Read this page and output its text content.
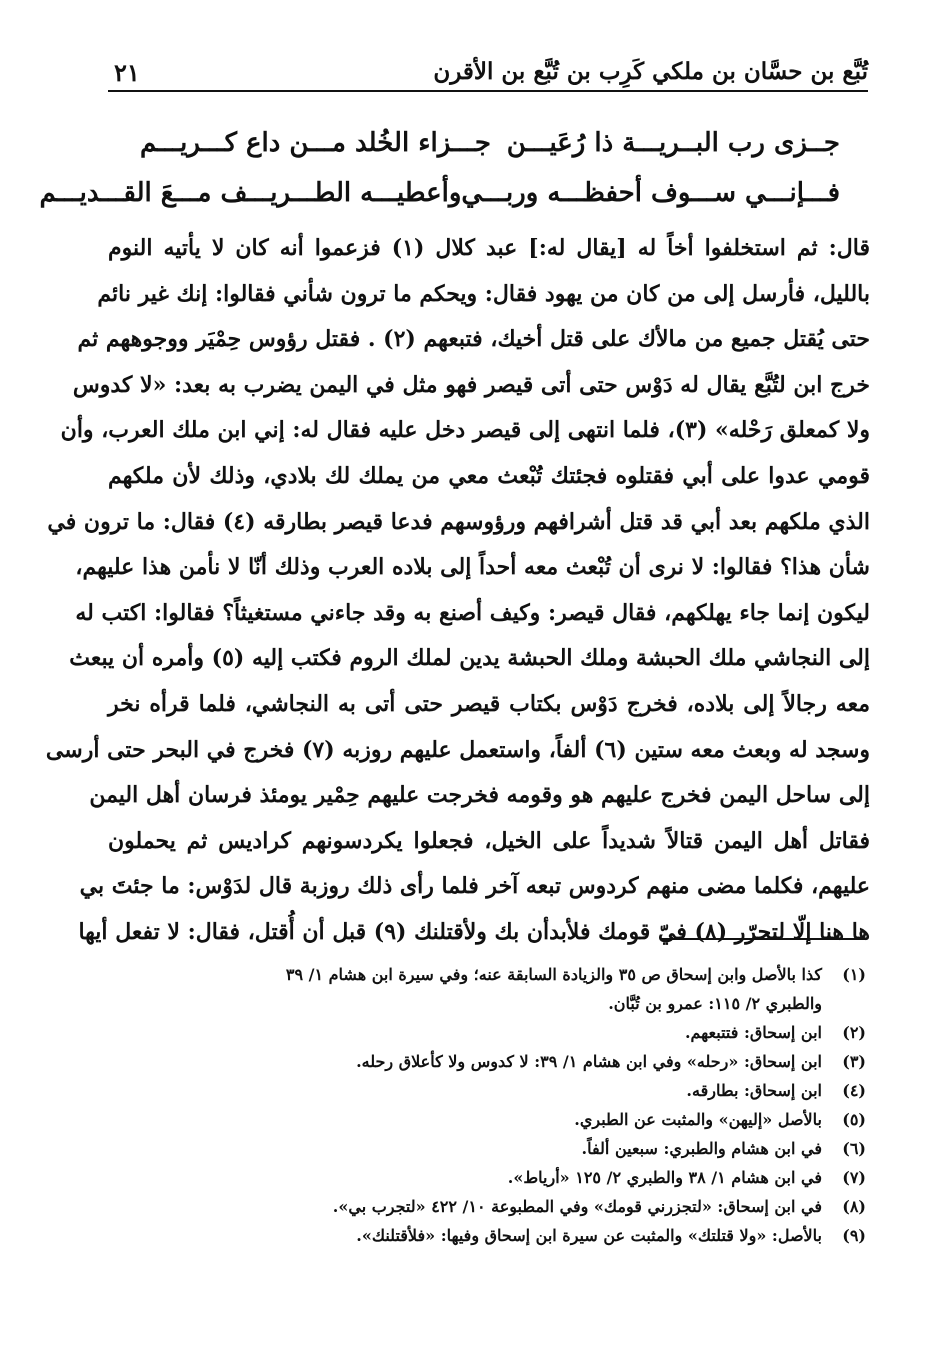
تُبَّع بن حسَّان بن ملكي كَرِب بن تُبَّع بن الأقرن
٢١
جــزى رب البــريـــة ذا رُعَيـــن
جـــزاء الخُلد مـــن داع كـــريـــم
فـــإنـــي ســـوف أحفظـــه وربـــي
وأعطيـــه الطـــريـــف مـــعَ القـــديـــم
قال: ثم استخلفوا أخاً له [يقال له:] عبد كلال (١) فزعموا أنه كان لا يأتيه النوم
بالليل، فأرسل إلى من كان من يهود فقال: ويحكم ما ترون شأني فقالوا: إنك غير نائم
حتى يُقتل جميع من مالأك على قتل أخيك، فتبعهم (٢) . فقتل رؤوس حِمْيَر ووجوههم ثم
خرج ابن لتُبَّع يقال له دَوْس حتى أتى قيصر فهو مثل في اليمن يضرب به بعد: «لا كدوس
ولا كمعلق رَحْله» (٣)، فلما انتهى إلى قيصر دخل عليه فقال له: إني ابن ملك العرب، وأن
قومي عدوا على أبي فقتلوه فجئتك تُبْعث معي من يملك لك بلادي، وذلك لأن ملكهم
الذي ملكهم بعد أبي قد قتل أشرافهم ورؤوسهم فدعا قيصر بطارقه (٤) فقال: ما ترون في
شأن هذا؟ فقالوا: لا نرى أن تُبْعث معه أحداً إلى بلاده العرب وذلك أنّا لا نأمن هذا عليهم،
ليكون إنما جاء يهلكهم، فقال قيصر: وكيف أصنع به وقد جاءني مستغيثاً؟ فقالوا: اكتب له
إلى النجاشي ملك الحبشة وملك الحبشة يدين لملك الروم فكتب إليه (٥) وأمره أن يبعث
معه رجالاً إلى بلاده، فخرج دَوْس بكتاب قيصر حتى أتى به النجاشي، فلما قرأه نخر
وسجد له وبعث معه ستين (٦) ألفاً، واستعمل عليهم روزبه (٧) فخرج في البحر حتى أرسى
إلى ساحل اليمن فخرج عليهم هو وقومه فخرجت عليهم حِمْير يومئذ فرسان أهل اليمن
فقاتل أهل اليمن قتالاً شديداً على الخيل، فجعلوا يكردسونهم كراديس ثم يحملون
عليهم، فكلما مضى منهم كردوس تبعه آخر فلما رأى ذلك روزبة قال لدَوْس: ما جئتَ بي
ها هنا إلّا لتحرّر (٨) فيّ قومك فلأبدأن بك ولأقتلنك (٩) قبل أن أُقتل، فقال: لا تفعل أيها
(١)
كذا بالأصل وابن إسحاق ص ٣٥ والزيادة السابقة عنه؛ وفي سيرة ابن هشام ١/ ٣٩ والطبري ٢/ ١١٥: عمرو بن تُبَّان.
(٢)
ابن إسحاق: فتتبعهم.
(٣)
ابن إسحاق: «رحله» وفي ابن هشام ١/ ٣٩: لا كدوس ولا كأعلاق رحله.
(٤)
ابن إسحاق: بطارقه.
(٥)
بالأصل «إليهن» والمثبت عن الطبري.
(٦)
في ابن هشام والطبري: سبعين ألفاً.
(٧)
في ابن هشام ١/ ٣٨ والطبري ٢/ ١٢٥ «أرياط».
(٨)
في ابن إسحاق: «لتجزرني قومك» وفي المطبوعة ١٠/ ٤٢٢ «لتجرب بي».
(٩)
بالأصل: «ولا قتلتك» والمثبت عن سيرة ابن إسحاق وفيها: «فلأقتلنك».
